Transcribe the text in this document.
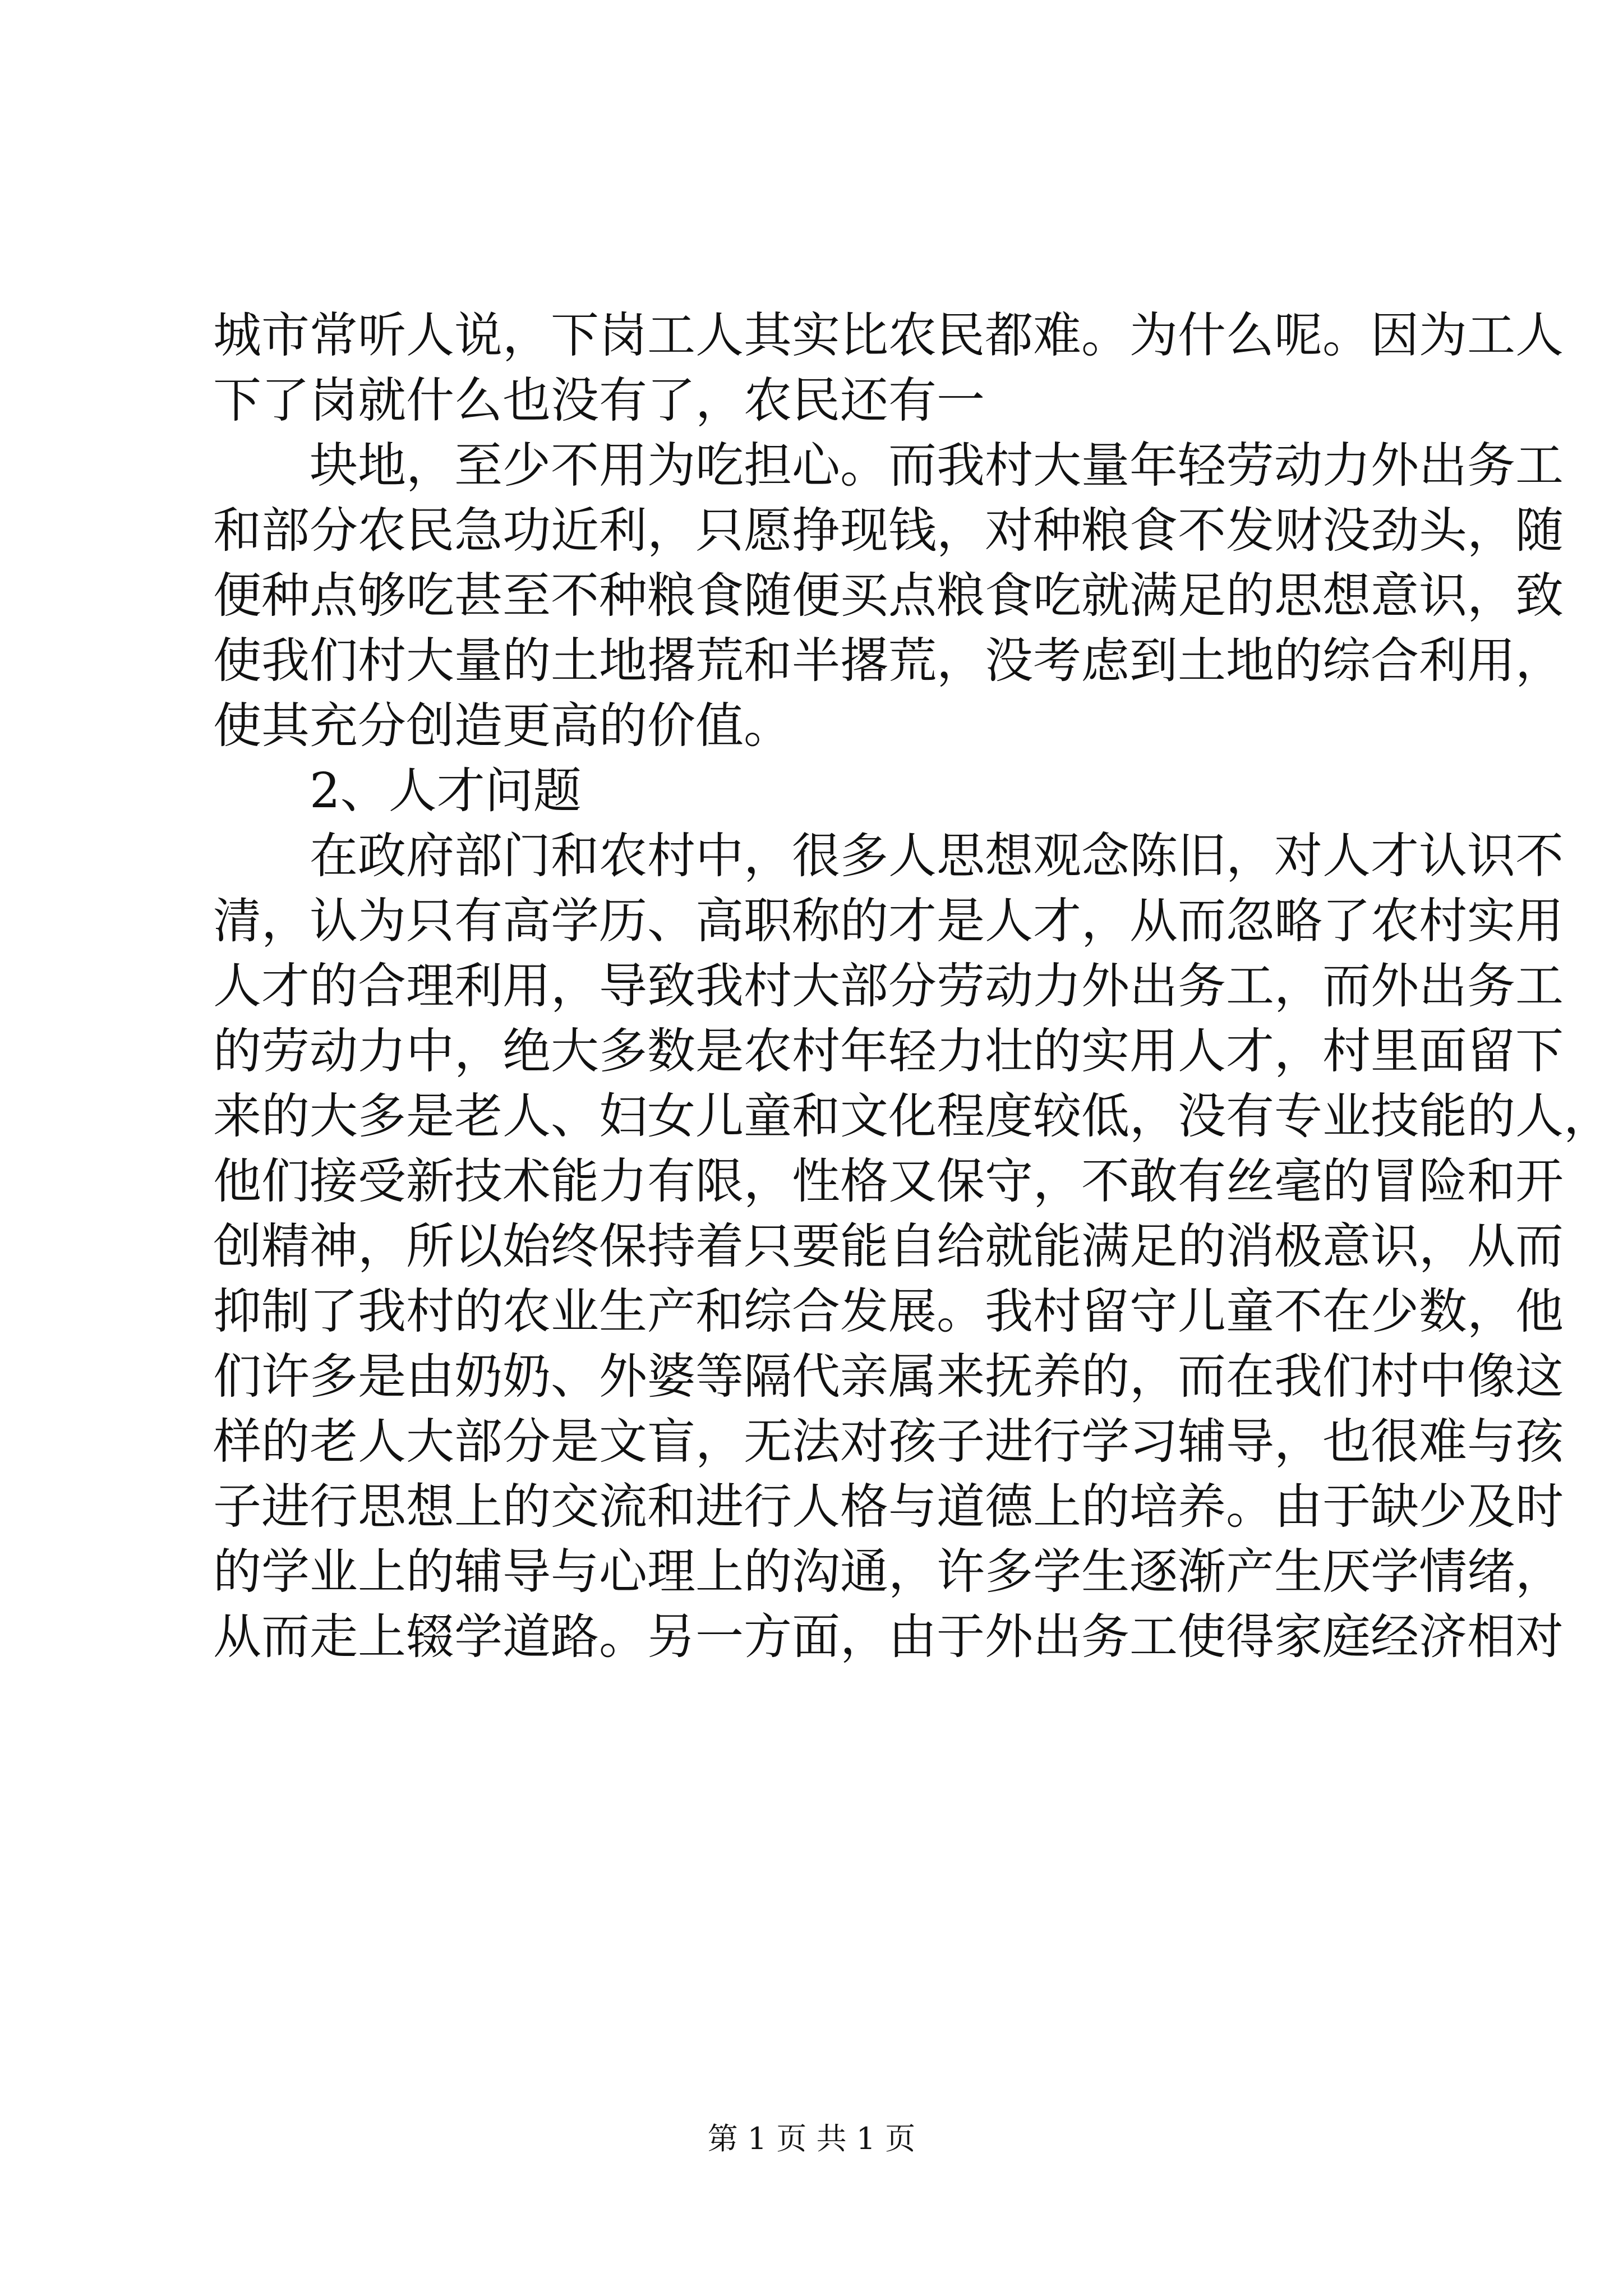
城市常听人说，下岗工人其实比农民都难。为什么呢。因为工人
下了岗就什么也没有了，农民还有一
块地，至少不用为吃担心。而我村大量年轻劳动力外出务工
和部分农民急功近利，只愿挣现钱，对种粮食不发财没劲头，随
便种点够吃甚至不种粮食随便买点粮食吃就满足的思想意识，致
使我们村大量的土地撂荒和半撂荒，没考虑到土地的综合利用，
使其充分创造更高的价值。
2、人才问题
在政府部门和农村中，很多人思想观念陈旧，对人才认识不
清，认为只有高学历、高职称的才是人才，从而忽略了农村实用
人才的合理利用，导致我村大部分劳动力外出务工，而外出务工
的劳动力中，绝大多数是农村年轻力壮的实用人才，村里面留下
来的大多是老人、妇女儿童和文化程度较低，没有专业技能的人，
他们接受新技术能力有限，性格又保守，不敢有丝毫的冒险和开
创精神，所以始终保持着只要能自给就能满足的消极意识，从而
抑制了我村的农业生产和综合发展。我村留守儿童不在少数，他
们许多是由奶奶、外婆等隔代亲属来抚养的，而在我们村中像这
样的老人大部分是文盲，无法对孩子进行学习辅导，也很难与孩
子进行思想上的交流和进行人格与道德上的培养。由于缺少及时
的学业上的辅导与心理上的沟通，许多学生逐渐产生厌学情绪，
从而走上辍学道路。另一方面，由于外出务工使得家庭经济相对
第 1 页 共 1 页
